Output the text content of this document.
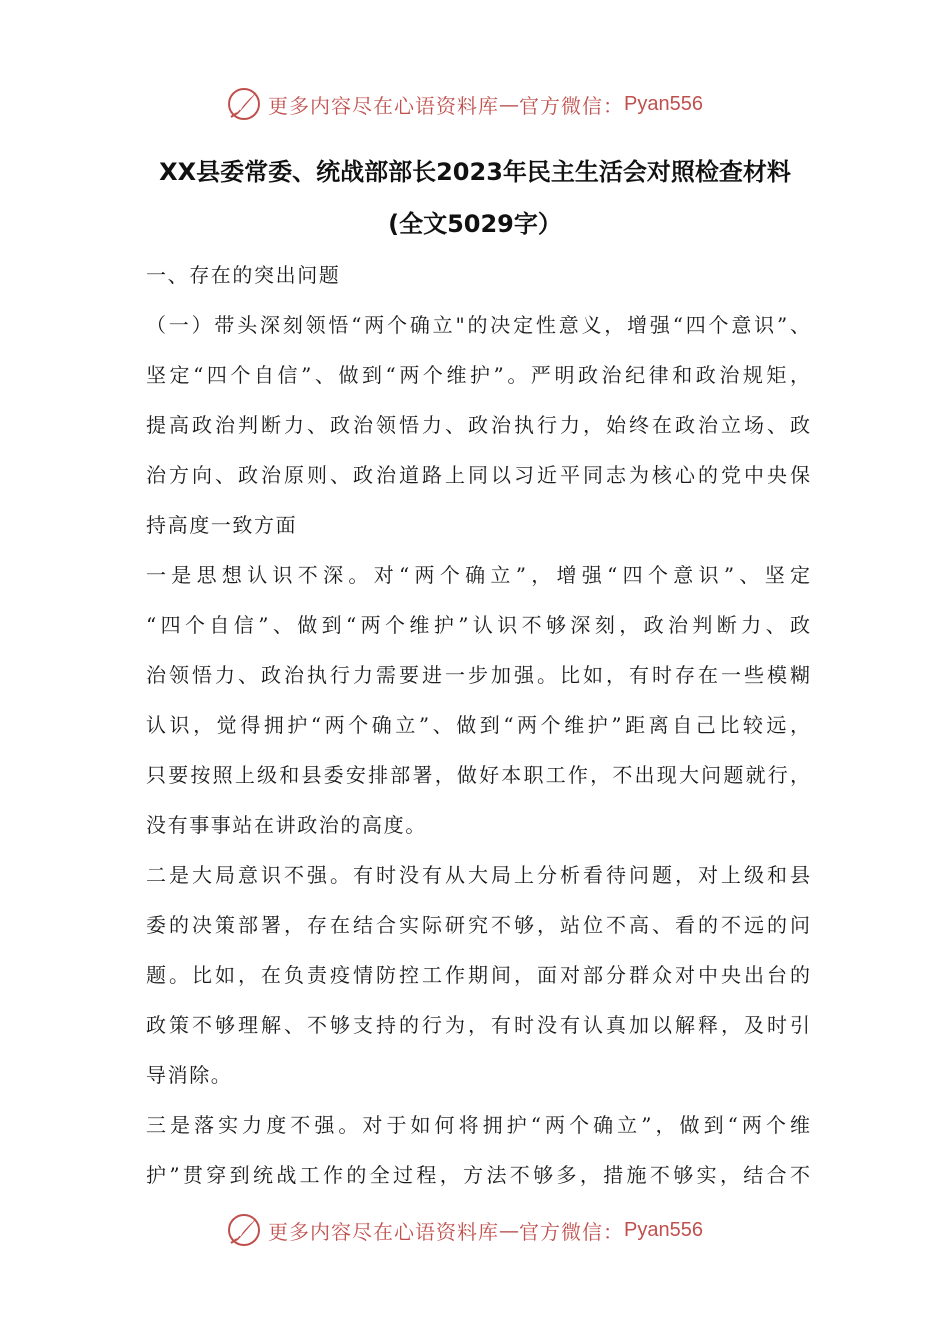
更多内容尽在心语资料库 — 官方微信： Pyan556
XX县委常委、统战部部长2023年民主生活会对照检查材料
(全文5029字）
一、存在的突出问题
（一）带头深刻领悟“两个确立"的决定性意义，增强“四个意识”、
坚定“四个自信”、做到“两个维护”。严明政治纪律和政治规矩，
提高政治判断力、政治领悟力、政治执行力，始终在政治立场、政
治方向、政治原则、政治道路上同以习近平同志为核心的党中央保
持高度一致方面
一是思想认识不深。对“两个确立”，增强“四个意识”、坚定
“四个自信”、做到“两个维护”认识不够深刻，政治判断力、政
治领悟力、政治执行力需要进一步加强。比如，有时存在一些模糊
认识，觉得拥护“两个确立”、做到“两个维护”距离自己比较远，
只要按照上级和县委安排部署，做好本职工作，不出现大问题就行，
没有事事站在讲政治的高度。
二是大局意识不强。有时没有从大局上分析看待问题，对上级和县
委的决策部署，存在结合实际研究不够，站位不高、看的不远的问
题。比如，在负责疫情防控工作期间，面对部分群众对中央出台的
政策不够理解、不够支持的行为，有时没有认真加以解释，及时引
导消除。
三是落实力度不强。对于如何将拥护“两个确立”，做到“两个维
护”贯穿到统战工作的全过程，方法不够多，措施不够实，结合不
更多内容尽在心语资料库 — 官方微信： Pyan556
